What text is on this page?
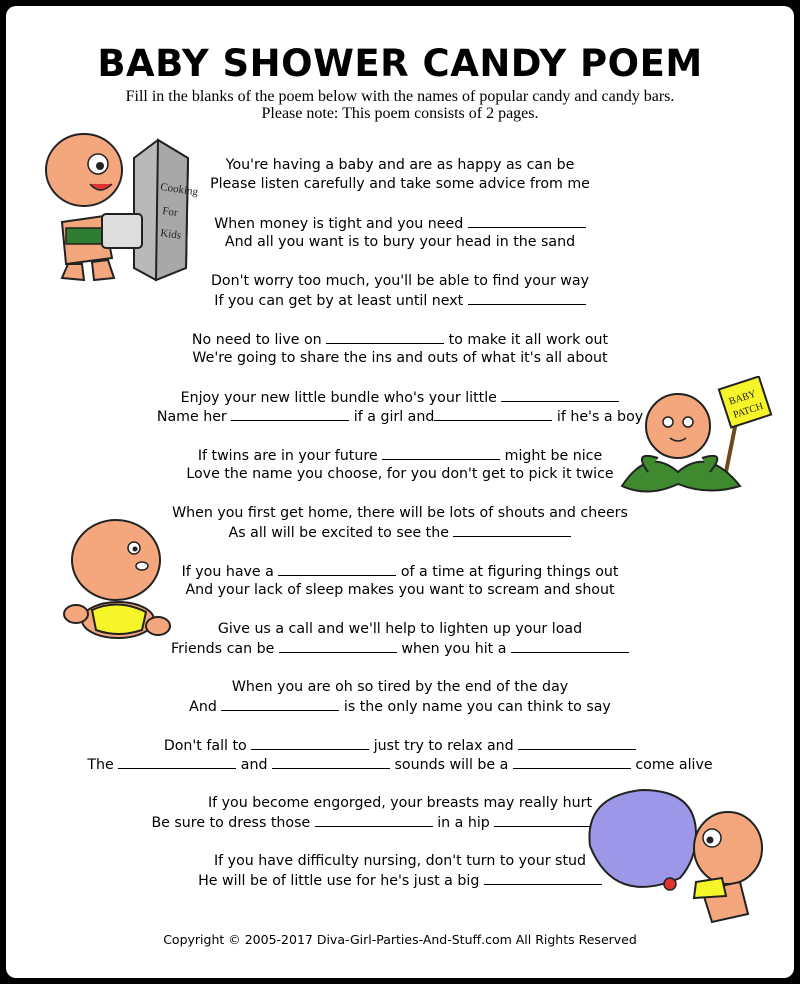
BABY SHOWER CANDY POEM
Fill in the blanks of the poem below with the names of popular candy and candy bars.
Please note: This poem consists of 2 pages.
You're having a baby and are as happy as can be
Please listen carefully and take some advice from me
When money is tight and you need
And all you want is to bury your head in the sand
Don't worry too much, you'll be able to find your way
If you can get by at least until next
No need to live on	to make it all work out
We're going to share the ins and outs of what it's all about
Enjoy your new little bundle who's your little
Name her	if a girl and	if he's a boy
If twins are in your future	might be nice
Love the name you choose, for you don't get to pick it twice
When you first get home, there will be lots of shouts and cheers
As all will be excited to see the
If you have a	of a time at figuring things out
And your lack of sleep makes you want to scream and shout
Give us a call and we'll help to lighten up your load
Friends can be	when you hit a
When you are oh so tired by the end of the day
And	is the only name you can think to say
Don't fall to	just try to relax and
The	and	sounds will be a	come alive
If you become engorged, your breasts may really hurt
Be sure to dress those	in a hip
If you have difficulty nursing, don't turn to your stud
He will be of little use for he's just a big
Cooking
For
Kids
BABY
PATCH
Copyright © 2005-2017 Diva-Girl-Parties-And-Stuff.com All Rights Reserved
